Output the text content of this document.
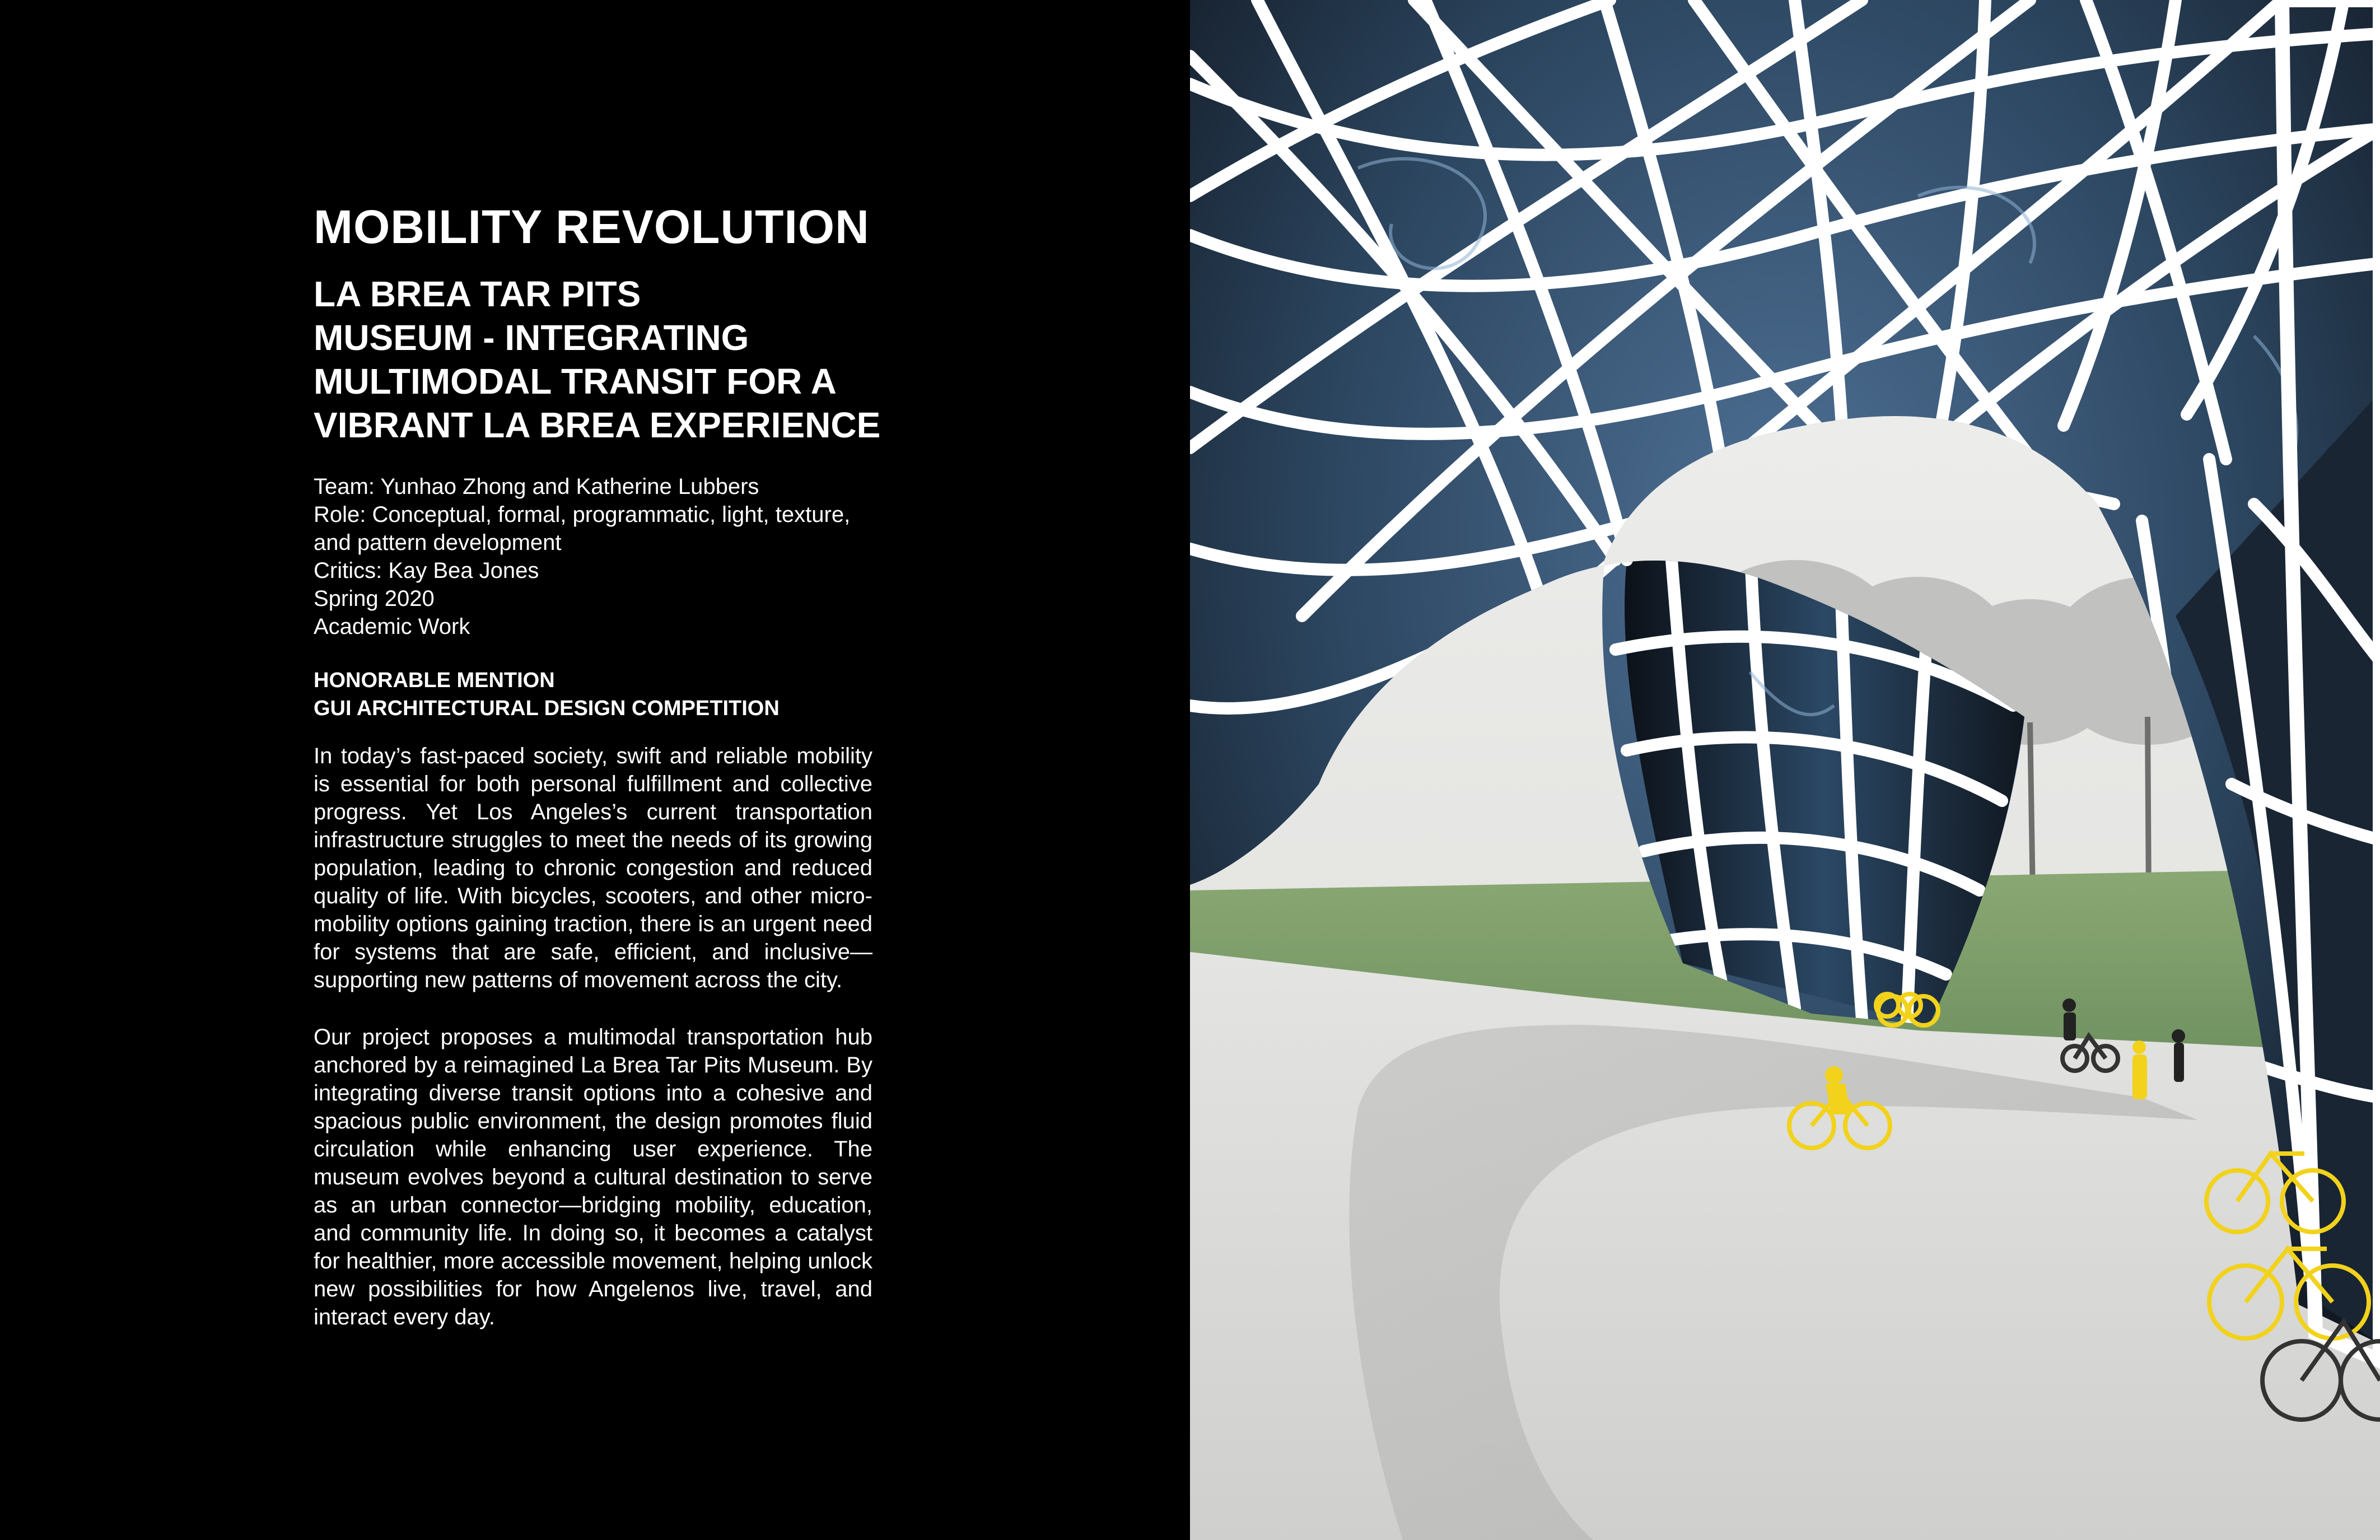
MOBILITY REVOLUTION
LA BREA TAR PITS
MUSEUM - INTEGRATING
MULTIMODAL TRANSIT FOR A
VIBRANT LA BREA EXPERIENCE
Team: Yunhao Zhong and Katherine Lubbers
Role: Conceptual, formal, programmatic, light, texture, and pattern development
Critics: Kay Bea Jones
Spring 2020
Academic Work
HONORABLE MENTION
GUI ARCHITECTURAL DESIGN COMPETITION

In today’s fast-paced society, swift and reliable mobility is essential for both personal fulfillment and collective progress. Yet Los Angeles’s current transportation infrastructure struggles to meet the needs of its growing population, leading to chronic congestion and reduced quality of life. With bicycles, scooters, and other micro-mobility options gaining traction, there is an urgent need for systems that are safe, efficient, and inclusive—supporting new patterns of movement across the city.

Our project proposes a multimodal transportation hub anchored by a reimagined La Brea Tar Pits Museum. By integrating diverse transit options into a cohesive and spacious public environment, the design promotes fluid circulation while enhancing user experience. The museum evolves beyond a cultural destination to serve as an urban connector—bridging mobility, education, and community life. In doing so, it becomes a catalyst for healthier, more accessible movement, helping unlock new possibilities for how Angelenos live, travel, and interact every day.
